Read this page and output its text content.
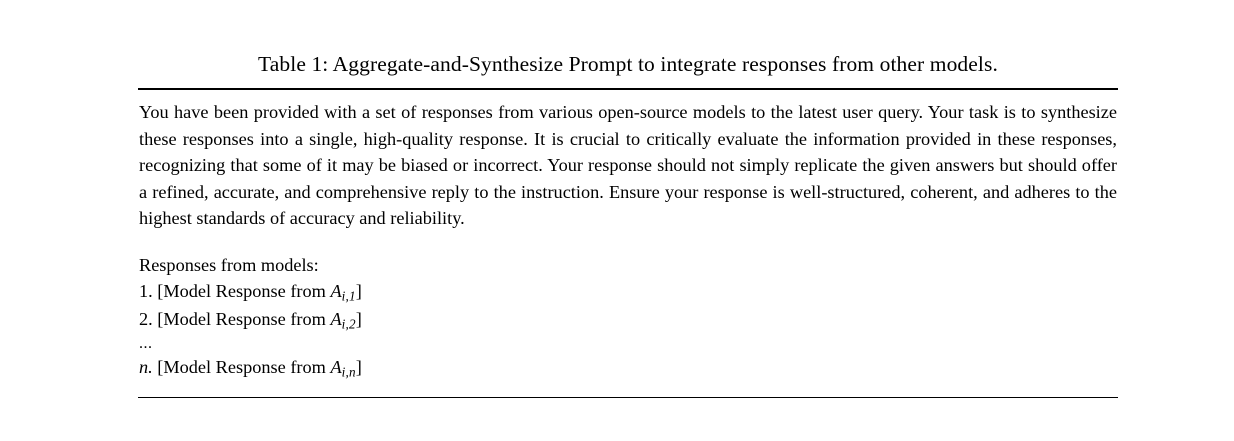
Table 1: Aggregate-and-Synthesize Prompt to integrate responses from other models.

You have been provided with a set of responses from various open-source models to the latest user query. Your task is to synthesize these responses into a single, high-quality response. It is crucial to critically evaluate the information provided in these responses, recognizing that some of it may be biased or incorrect. Your response should not simply replicate the given answers but should offer a refined, accurate, and comprehensive reply to the instruction. Ensure your response is well-structured, coherent, and adheres to the highest standards of accuracy and reliability.

Responses from models:

1. [Model Response from $A_{i,1}$]

2. [Model Response from $A_{i,2}$]

...

n. [Model Response from $A_{i,n}$]
